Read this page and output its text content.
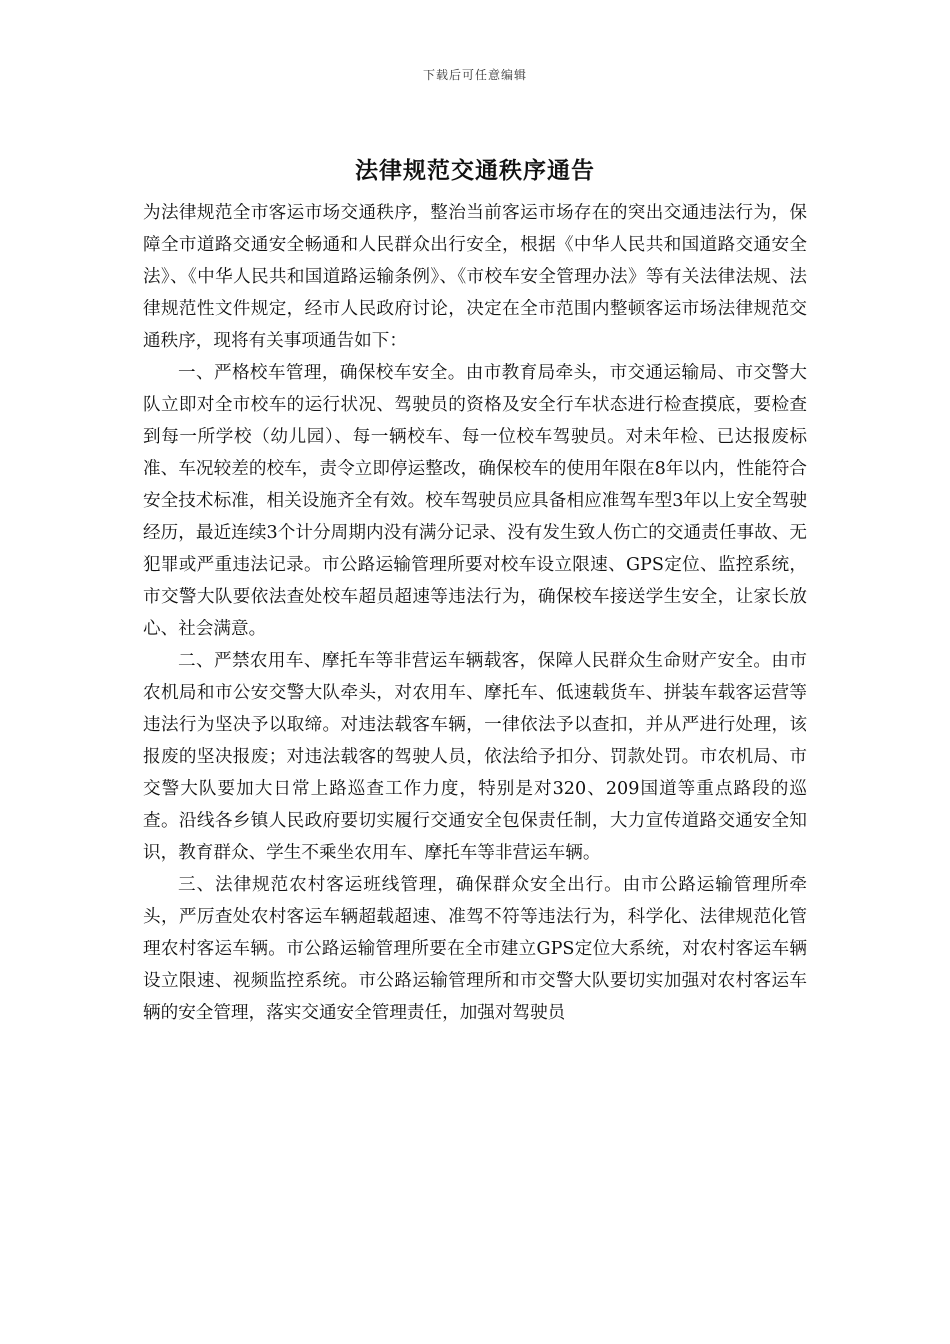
下载后可任意编辑
法律规范交通秩序通告

为法律规范全市客运市场交通秩序，整治当前客运市场存在的突出交通违法行为，保障全市道路交通安全畅通和人民群众出行安全，根据《中华人民共和国道路交通安全法》、《中华人民共和国道路运输条例》、《市校车安全管理办法》等有关法律法规、法律规范性文件规定，经市人民政府讨论，决定在全市范围内整顿客运市场法律规范交通秩序，现将有关事项通告如下：

一、严格校车管理，确保校车安全。由市教育局牵头，市交通运输局、市交警大队立即对全市校车的运行状况、驾驶员的资格及安全行车状态进行检查摸底，要检查到每一所学校（幼儿园）、每一辆校车、每一位校车驾驶员。对未年检、已达报废标准、车况较差的校车，责令立即停运整改，确保校车的使用年限在8年以内，性能符合安全技术标准，相关设施齐全有效。校车驾驶员应具备相应准驾车型3年以上安全驾驶经历，最近连续3个计分周期内没有满分记录、没有发生致人伤亡的交通责任事故、无犯罪或严重违法记录。市公路运输管理所要对校车设立限速、GPS定位、监控系统，市交警大队要依法查处校车超员超速等违法行为，确保校车接送学生安全，让家长放心、社会满意。

二、严禁农用车、摩托车等非营运车辆载客，保障人民群众生命财产安全。由市农机局和市公安交警大队牵头，对农用车、摩托车、低速载货车、拼装车载客运营等违法行为坚决予以取缔。对违法载客车辆，一律依法予以查扣，并从严进行处理，该报废的坚决报废；对违法载客的驾驶人员，依法给予扣分、罚款处罚。市农机局、市交警大队要加大日常上路巡查工作力度，特别是对320、209国道等重点路段的巡查。沿线各乡镇人民政府要切实履行交通安全包保责任制，大力宣传道路交通安全知识，教育群众、学生不乘坐农用车、摩托车等非营运车辆。

三、法律规范农村客运班线管理，确保群众安全出行。由市公路运输管理所牵头，严厉查处农村客运车辆超载超速、准驾不符等违法行为，科学化、法律规范化管理农村客运车辆。市公路运输管理所要在全市建立GPS定位大系统，对农村客运车辆设立限速、视频监控系统。市公路运输管理所和市交警大队要切实加强对农村客运车辆的安全管理，落实交通安全管理责任，加强对驾驶员
